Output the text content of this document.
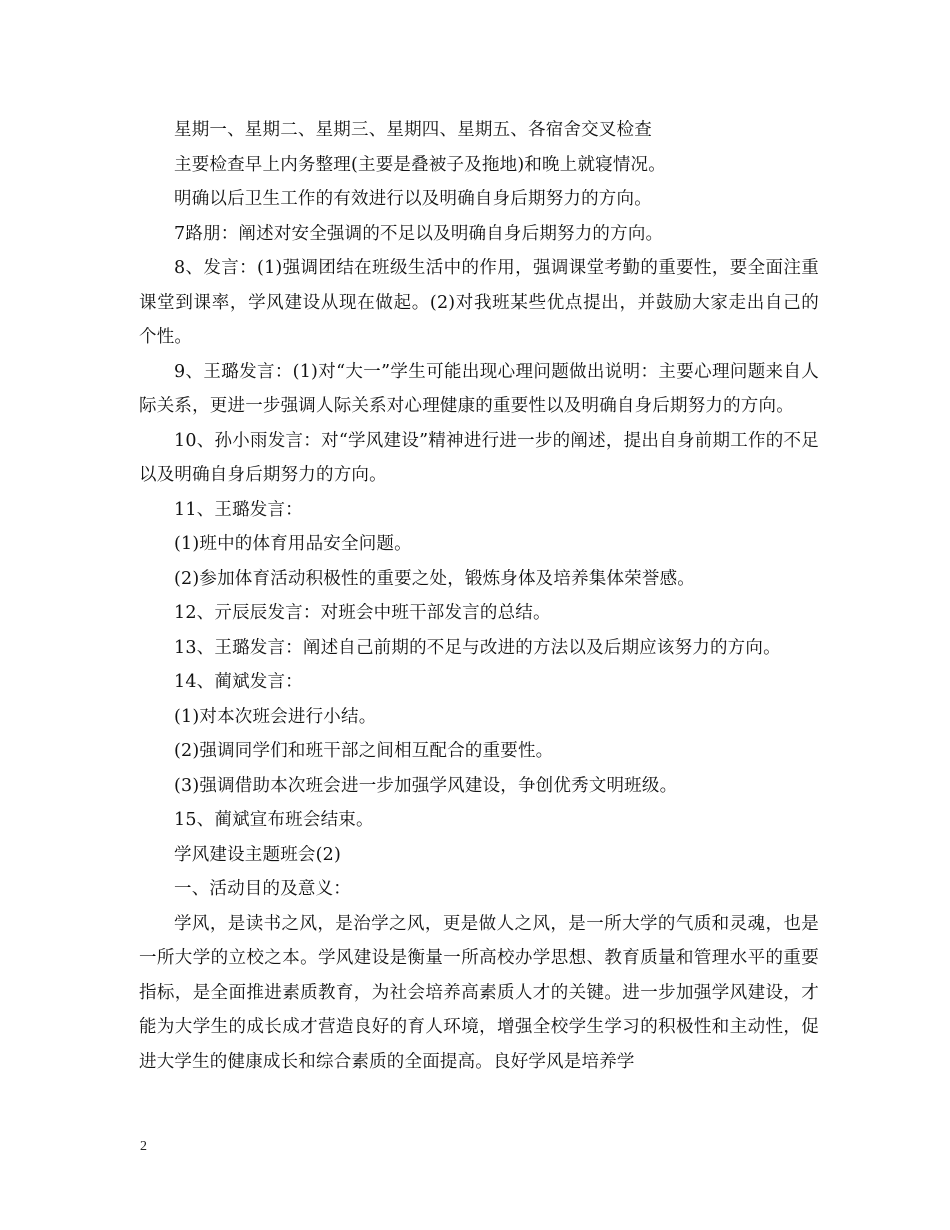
星期一、星期二、星期三、星期四、星期五、各宿舍交叉检查

主要检查早上内务整理(主要是叠被子及拖地)和晚上就寝情况。

明确以后卫生工作的有效进行以及明确自身后期努力的方向。

7路朋：阐述对安全强调的不足以及明确自身后期努力的方向。

8、发言：(1)强调团结在班级生活中的作用，强调课堂考勤的重要性，要全面注重课堂到课率，学风建设从现在做起。(2)对我班某些优点提出，并鼓励大家走出自己的个性。

9、王璐发言：(1)对“大一”学生可能出现心理问题做出说明：主要心理问题来自人际关系，更进一步强调人际关系对心理健康的重要性以及明确自身后期努力的方向。

10、孙小雨发言：对“学风建设”精神进行进一步的阐述，提出自身前期工作的不足以及明确自身后期努力的方向。

11、王璐发言：

(1)班中的体育用品安全问题。

(2)参加体育活动积极性的重要之处，锻炼身体及培养集体荣誉感。

12、亓辰辰发言：对班会中班干部发言的总结。

13、王璐发言：阐述自己前期的不足与改进的方法以及后期应该努力的方向。

14、蔺斌发言：

(1)对本次班会进行小结。

(2)强调同学们和班干部之间相互配合的重要性。

(3)强调借助本次班会进一步加强学风建设，争创优秀文明班级。

15、蔺斌宣布班会结束。

学风建设主题班会(2)

一、活动目的及意义：

学风，是读书之风，是治学之风，更是做人之风，是一所大学的气质和灵魂，也是一所大学的立校之本。学风建设是衡量一所高校办学思想、教育质量和管理水平的重要指标，是全面推进素质教育，为社会培养高素质人才的关键。进一步加强学风建设，才能为大学生的成长成才营造良好的育人环境，增强全校学生学习的积极性和主动性，促进大学生的健康成长和综合素质的全面提高。良好学风是培养学

2
